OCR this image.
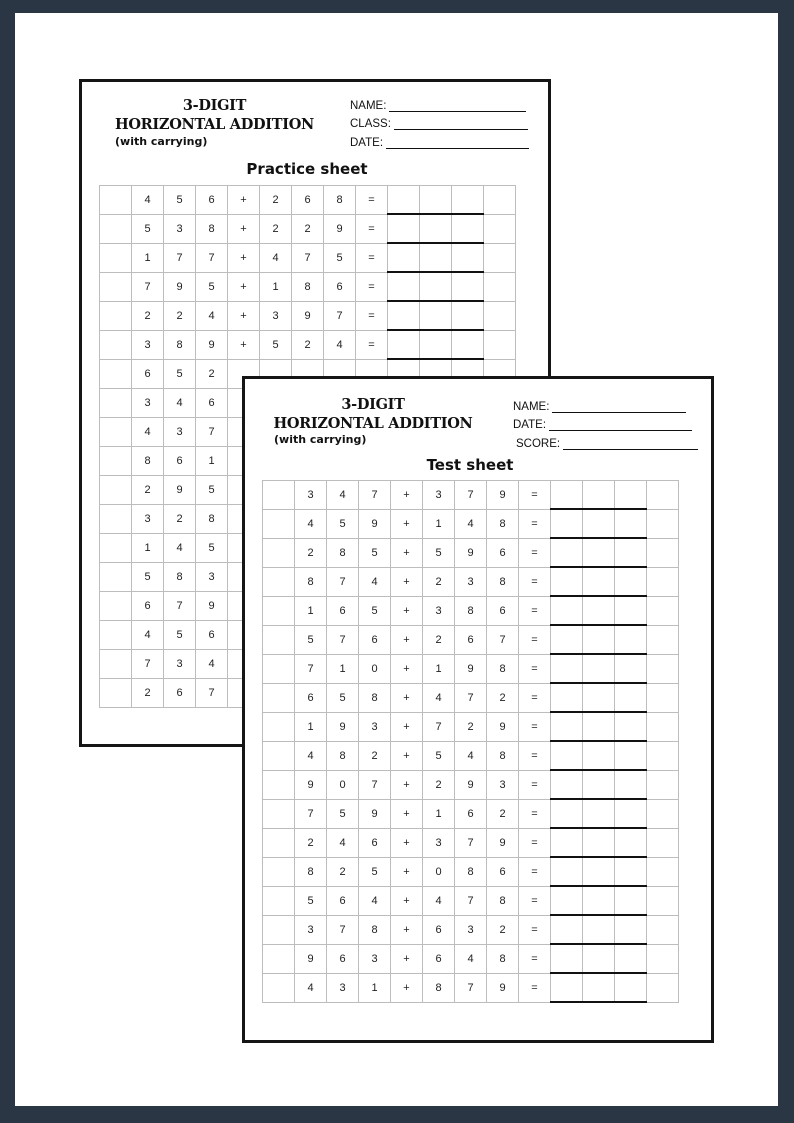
3-DIGIT
HORIZONTAL ADDITION
(with carrying)
NAME:
CLASS:
DATE:
Practice sheet
	4	5	6	+	2	6	8	=				
	5	3	8	+	2	2	9	=				
	1	7	7	+	4	7	5	=				
	7	9	5	+	1	8	6	=				
	2	2	4	+	3	9	7	=				
	3	8	9	+	5	2	4	=				
	6	5	2									
	3	4	6									
	4	3	7									
	8	6	1									
	2	9	5									
	3	2	8									
	1	4	5									
	5	8	3									
	6	7	9									
	4	5	6									
	7	3	4									
	2	6	7									
3-DIGIT
HORIZONTAL ADDITION
(with carrying)
NAME:
DATE:
SCORE:
Test sheet
	3	4	7	+	3	7	9	=				
	4	5	9	+	1	4	8	=				
	2	8	5	+	5	9	6	=				
	8	7	4	+	2	3	8	=				
	1	6	5	+	3	8	6	=				
	5	7	6	+	2	6	7	=				
	7	1	0	+	1	9	8	=				
	6	5	8	+	4	7	2	=				
	1	9	3	+	7	2	9	=				
	4	8	2	+	5	4	8	=				
	9	0	7	+	2	9	3	=				
	7	5	9	+	1	6	2	=				
	2	4	6	+	3	7	9	=				
	8	2	5	+	0	8	6	=				
	5	6	4	+	4	7	8	=				
	3	7	8	+	6	3	2	=				
	9	6	3	+	6	4	8	=				
	4	3	1	+	8	7	9	=				
